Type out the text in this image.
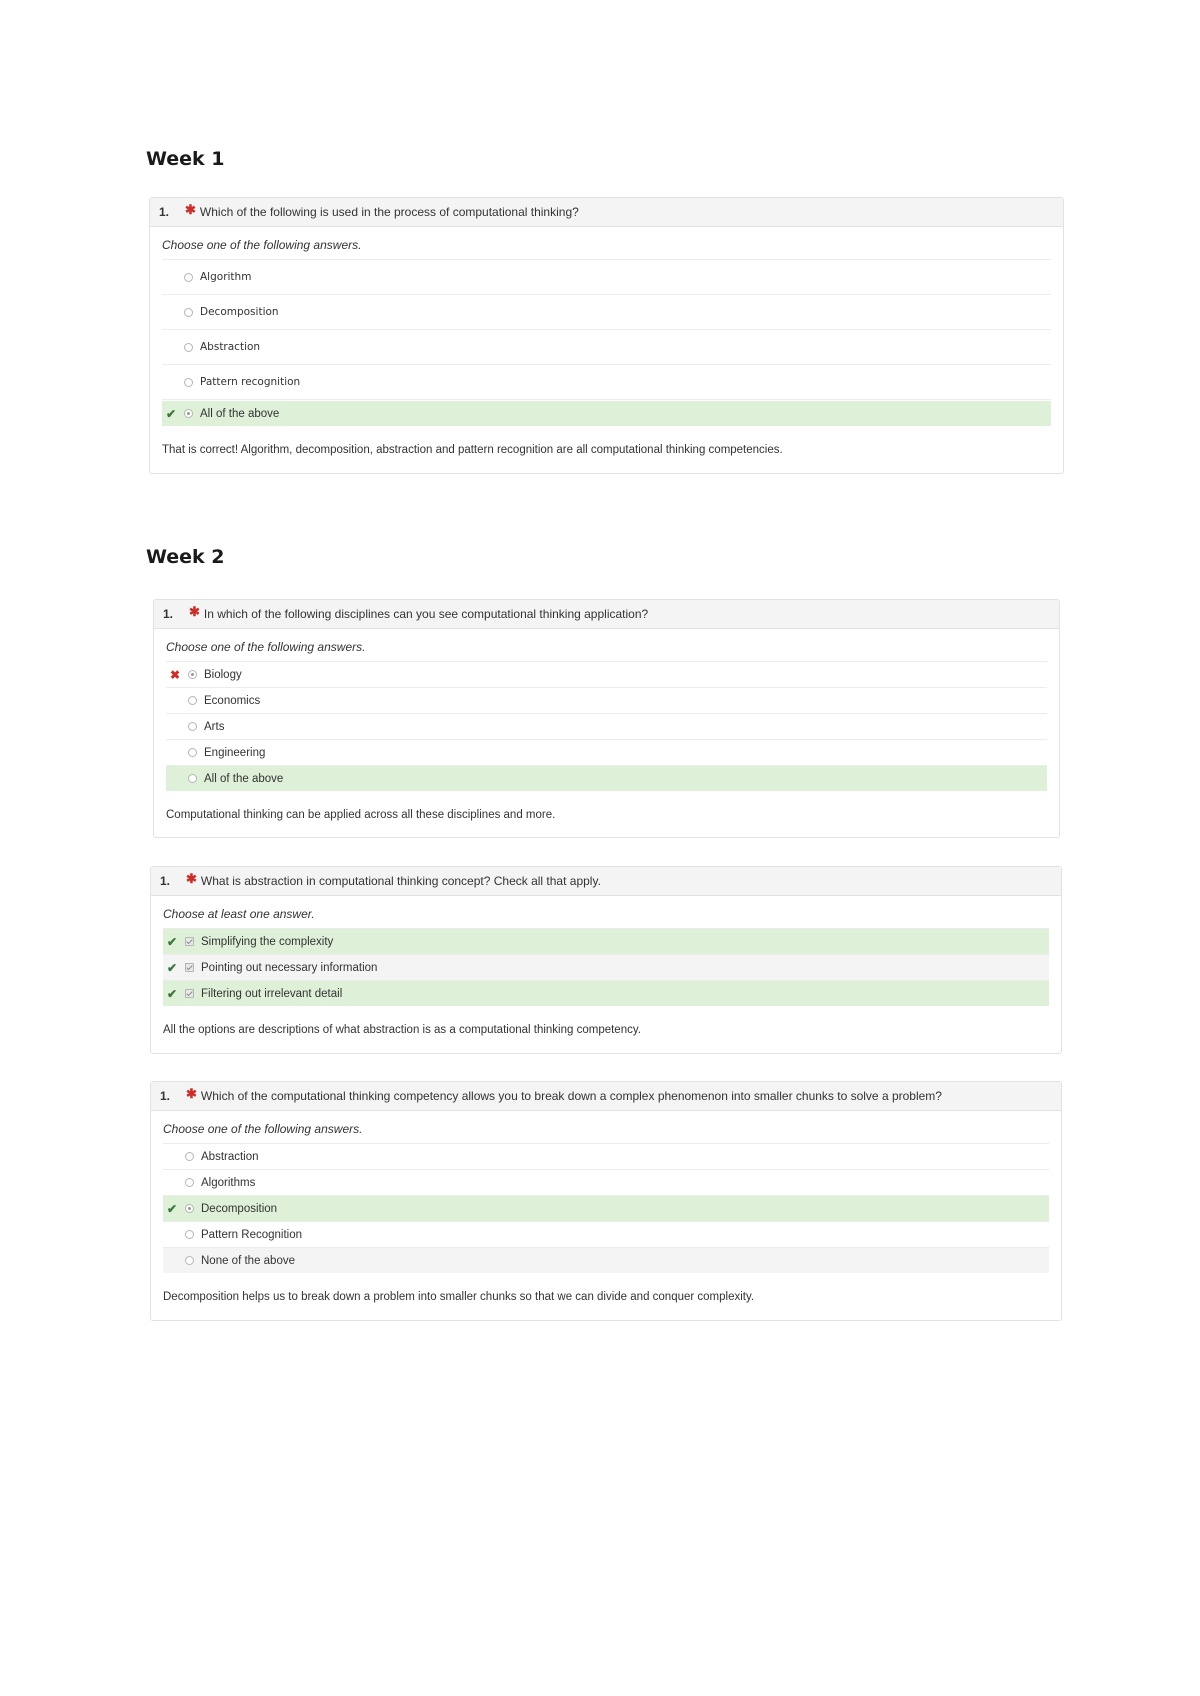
Week 1
1.	✱ Which of the following is used in the process of computational thinking?
Choose one of the following answers.
Algorithm
Decomposition
Abstraction
Pattern recognition
✔	All of the above
That is correct! Algorithm, decomposition, abstraction and pattern recognition are all computational thinking competencies.
Week 2
1.	✱ In which of the following disciplines can you see computational thinking application?
Choose one of the following answers.
✖	Biology
Economics
Arts
Engineering
All of the above
Computational thinking can be applied across all these disciplines and more.
1.	✱ What is abstraction in computational thinking concept? Check all that apply.
Choose at least one answer.
✔	Simplifying the complexity
✔	Pointing out necessary information
✔	Filtering out irrelevant detail
All the options are descriptions of what abstraction is as a computational thinking competency.
1.	✱ Which of the computational thinking competency allows you to break down a complex phenomenon into smaller chunks to solve a problem?
Choose one of the following answers.
Abstraction
Algorithms
✔	Decomposition
Pattern Recognition
None of the above
Decomposition helps us to break down a problem into smaller chunks so that we can divide and conquer complexity.
